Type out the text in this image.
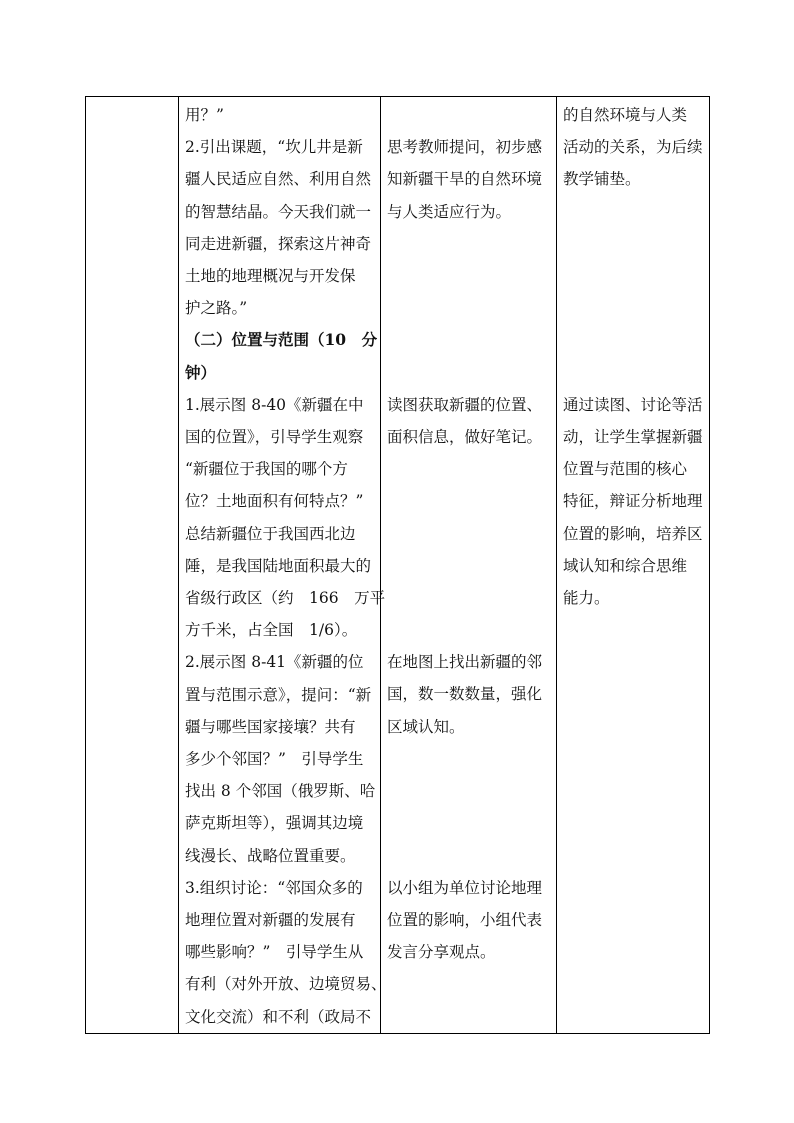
用？”
2.引出课题，“坎儿井是新
疆人民适应自然、利用自然
的智慧结晶。今天我们就一
同走进新疆，探索这片神奇
土地的地理概况与开发保
护之路。”
（二）位置与范围（10　分
钟）
1.展示图 8-40《新疆在中
国的位置》，引导学生观察
“新疆位于我国的哪个方
位？土地面积有何特点？”
总结新疆位于我国西北边
陲，是我国陆地面积最大的
省级行政区（约　166　万平
方千米，占全国　1/6）。
2.展示图 8-41《新疆的位
置与范围示意》，提问：“新
疆与哪些国家接壤？共有
多少个邻国？”　引导学生
找出 8 个邻国（俄罗斯、哈
萨克斯坦等），强调其边境
线漫长、战略位置重要。
3.组织讨论：“邻国众多的
地理位置对新疆的发展有
哪些影响？”　引导学生从
有利（对外开放、边境贸易、
文化交流）和不利（政局不

思考教师提问，初步感
知新疆干旱的自然环境
与人类适应行为。
读图获取新疆的位置、
面积信息，做好笔记。
在地图上找出新疆的邻
国，数一数数量，强化
区域认知。
以小组为单位讨论地理
位置的影响，小组代表
发言分享观点。

的自然环境与人类
活动的关系，为后续
教学铺垫。
通过读图、讨论等活
动，让学生掌握新疆
位置与范围的核心
特征，辩证分析地理
位置的影响，培养区
域认知和综合思维
能力。
